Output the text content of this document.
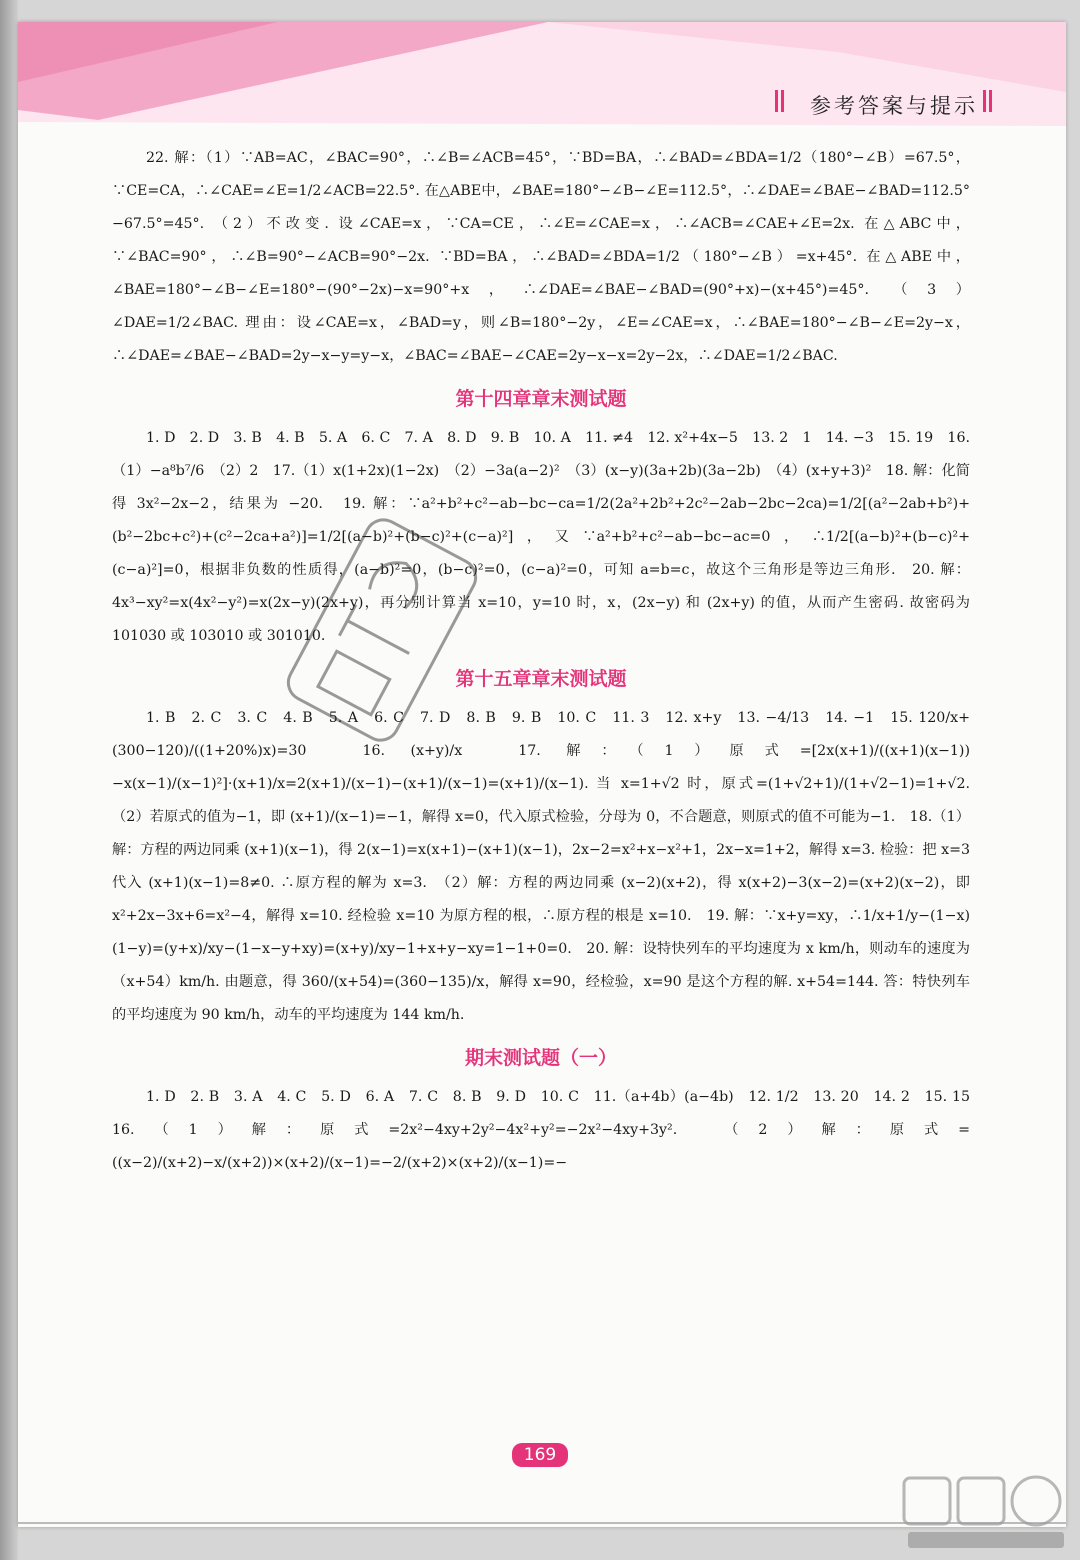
参考答案与提示

22. 解：（1）∵AB=AC，∠BAC=90°，∴∠B=∠ACB=45°，∵BD=BA，∴∠BAD=∠BDA=1/2（180°−∠B）=67.5°，∵CE=CA，∴∠CAE=∠E=1/2∠ACB=22.5°. 在△ABE中，∠BAE=180°−∠B−∠E=112.5°，∴∠DAE=∠BAE−∠BAD=112.5°−67.5°=45°. （2）不改变. 设∠CAE=x，∵CA=CE，∴∠E=∠CAE=x，∴∠ACB=∠CAE+∠E=2x. 在△ABC中，∵∠BAC=90°，∴∠B=90°−∠ACB=90°−2x. ∵BD=BA，∴∠BAD=∠BDA=1/2（180°−∠B）=x+45°. 在△ABE中，∠BAE=180°−∠B−∠E=180°−(90°−2x)−x=90°+x，∴∠DAE=∠BAE−∠BAD=(90°+x)−(x+45°)=45°. （3）∠DAE=1/2∠BAC. 理由：设∠CAE=x，∠BAD=y，则∠B=180°−2y，∠E=∠CAE=x，∴∠BAE=180°−∠B−∠E=2y−x，∴∠DAE=∠BAE−∠BAD=2y−x−y=y−x，∠BAC=∠BAE−∠CAE=2y−x−x=2y−2x，∴∠DAE=1/2∠BAC.

第十四章章末测试题

1. D　2. D　3. B　4. B　5. A　6. C　7. A　8. D　9. B　10. A　11. ≠4　12. x²+4x−5　13. 2　1　14. −3　15. 19　16.（1）−a⁸b⁷/6　（2）2　17.（1）x(1+2x)(1−2x)　（2）−3a(a−2)²　（3）(x−y)(3a+2b)(3a−2b)　（4）(x+y+3)²　18. 解：化简得 3x²−2x−2，结果为 −20.　19. 解：∵a²+b²+c²−ab−bc−ca=1/2(2a²+2b²+2c²−2ab−2bc−2ca)=1/2[(a²−2ab+b²)+(b²−2bc+c²)+(c²−2ca+a²)]=1/2[(a−b)²+(b−c)²+(c−a)²]，又∵a²+b²+c²−ab−bc−ac=0，∴1/2[(a−b)²+(b−c)²+(c−a)²]=0，根据非负数的性质得，(a−b)²=0，(b−c)²=0，(c−a)²=0，可知 a=b=c，故这个三角形是等边三角形.　20. 解：4x³−xy²=x(4x²−y²)=x(2x−y)(2x+y)，再分别计算当 x=10，y=10 时，x，(2x−y) 和 (2x+y) 的值，从而产生密码. 故密码为 101030 或 103010 或 301010.

第十五章章末测试题

1. B　2. C　3. C　4. B　5. A　6. C　7. D　8. B　9. B　10. C　11. 3　12. x+y　13. −4/13　14. −1　15. 120/x+(300−120)/((1+20%)x)=30　16. (x+y)/x　17. 解：（1）原式=[2x(x+1)/((x+1)(x−1))−x(x−1)/(x−1)²]·(x+1)/x=2(x+1)/(x−1)−(x+1)/(x−1)=(x+1)/(x−1). 当 x=1+√2 时，原式=(1+√2+1)/(1+√2−1)=1+√2.　（2）若原式的值为−1，即 (x+1)/(x−1)=−1，解得 x=0，代入原式检验，分母为 0，不合题意，则原式的值不可能为−1.　18.（1）解：方程的两边同乘 (x+1)(x−1)，得 2(x−1)=x(x+1)−(x+1)(x−1)，2x−2=x²+x−x²+1，2x−x=1+2，解得 x=3. 检验：把 x=3 代入 (x+1)(x−1)=8≠0. ∴原方程的解为 x=3.　（2）解：方程的两边同乘 (x−2)(x+2)，得 x(x+2)−3(x−2)=(x+2)(x−2)，即 x²+2x−3x+6=x²−4，解得 x=10. 经检验 x=10 为原方程的根，∴原方程的根是 x=10.　19. 解：∵x+y=xy，∴1/x+1/y−(1−x)(1−y)=(y+x)/xy−(1−x−y+xy)=(x+y)/xy−1+x+y−xy=1−1+0=0.　20. 解：设特快列车的平均速度为 x km/h，则动车的速度为（x+54）km/h. 由题意，得 360/(x+54)=(360−135)/x，解得 x=90，经检验，x=90 是这个方程的解. x+54=144. 答：特快列车的平均速度为 90 km/h，动车的平均速度为 144 km/h.

期末测试题（一）

1. D　2. B　3. A　4. C　5. D　6. A　7. C　8. B　9. D　10. C　11.（a+4b）(a−4b)　12. 1/2　13. 20　14. 2　15. 15　16.（1）解：原式=2x²−4xy+2y²−4x²+y²=−2x²−4xy+3y².　（2）解：原式=((x−2)/(x+2)−x/(x+2))×(x+2)/(x−1)=−2/(x+2)×(x+2)/(x−1)=−

169
